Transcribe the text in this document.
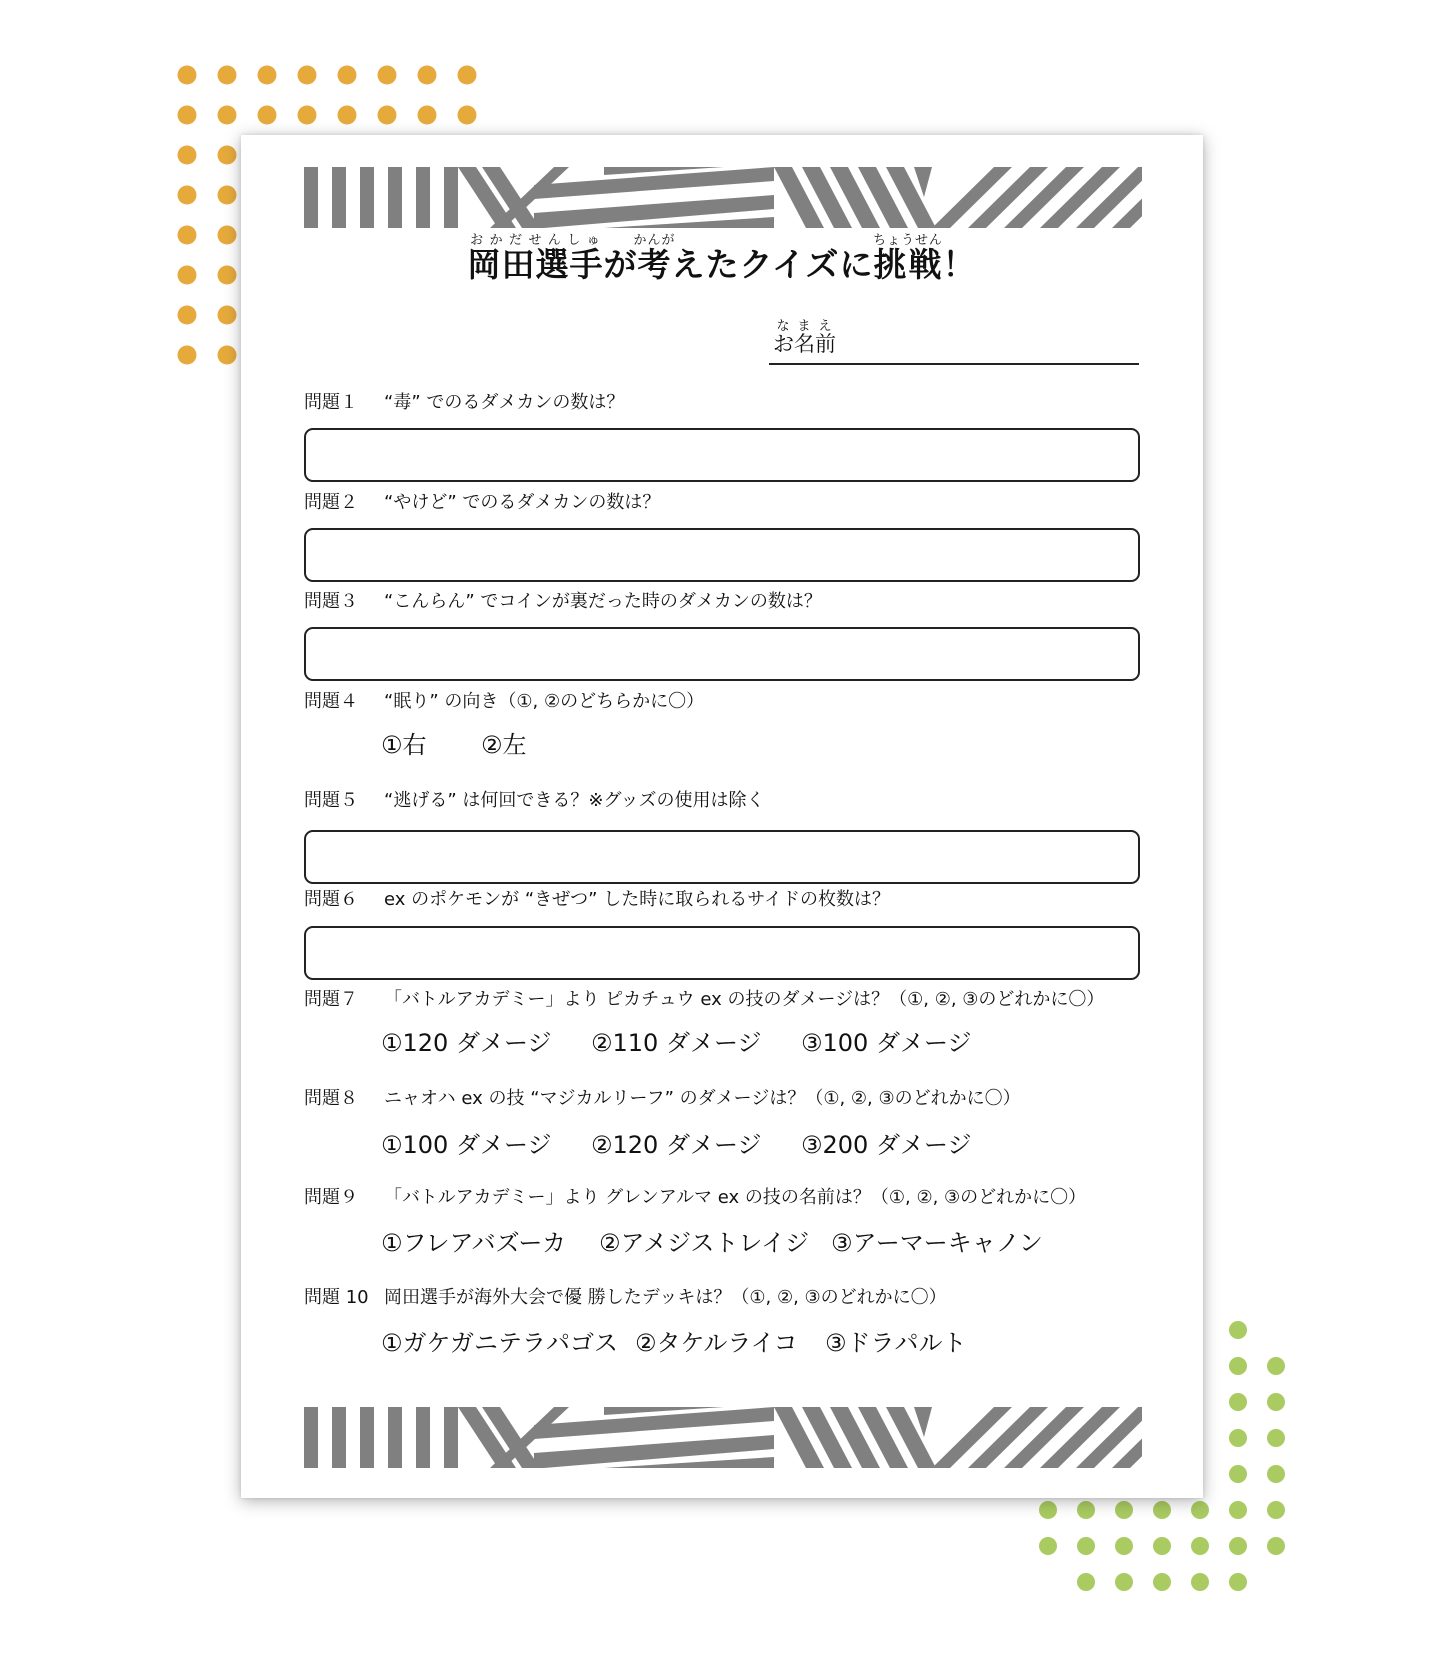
岡田選手おかだせんしゅが考かんがえたクイズに挑戦ちょうせん！
お名前なまえ
問題１ “毒” でのるダメカンの数は？
問題２ “やけど” でのるダメカンの数は？
問題３ “こんらん” でコインが裏だった時のダメカンの数は？
問題４ “眠り” の向き（①, ②のどちらかに〇）
①右 ②左
問題５ “逃げる” は何回できる？※グッズの使用は除く
問題６ ex のポケモンが “きぜつ” した時に取られるサイドの枚数は？
問題７ 「バトルアカデミー」より ピカチュウ ex の技のダメージは？（①, ②, ③のどれかに〇）
①120 ダメージ ②110 ダメージ ③100 ダメージ
問題８ ニャオハ ex の技 “マジカルリーフ” のダメージは？（①, ②, ③のどれかに〇）
①100 ダメージ ②120 ダメージ ③200 ダメージ
問題９ 「バトルアカデミー」より グレンアルマ ex の技の名前は？（①, ②, ③のどれかに〇）
①フレアバズーカ ②アメジストレイジ ③アーマーキャノン
問題 10 岡田選手が海外大会で優 勝したデッキは？（①, ②, ③のどれかに〇）
①ガケガニテラパゴス ②タケルライコ ③ドラパルト
